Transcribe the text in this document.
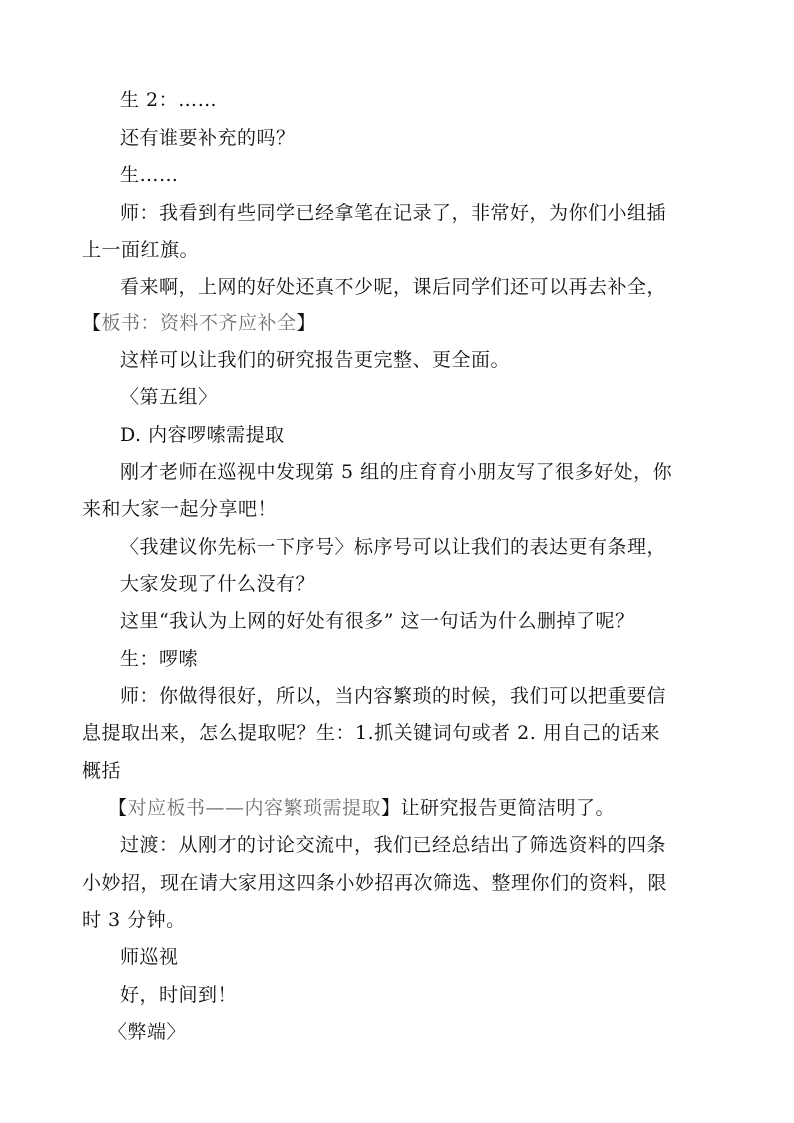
生 2：……
还有谁要补充的吗？
生……
师：我看到有些同学已经拿笔在记录了，非常好，为你们小组插
上一面红旗。
看来啊，上网的好处还真不少呢，课后同学们还可以再去补全，
【板书：资料不齐应补全】
这样可以让我们的研究报告更完整、更全面。
〈第五组〉
D. 内容啰嗦需提取
刚才老师在巡视中发现第 5 组的庄育育小朋友写了很多好处，你
来和大家一起分享吧！
〈我建议你先标一下序号〉标序号可以让我们的表达更有条理，
大家发现了什么没有？
这里“我认为上网的好处有很多” 这一句话为什么删掉了呢？
生：啰嗦
师：你做得很好，所以，当内容繁琐的时候，我们可以把重要信
息提取出来，怎么提取呢？生：1.抓关键词句或者 2. 用自己的话来
概括
【对应板书——内容繁琐需提取】让研究报告更简洁明了。
过渡：从刚才的讨论交流中，我们已经总结出了筛选资料的四条
小妙招，现在请大家用这四条小妙招再次筛选、整理你们的资料，限
时 3 分钟。
师巡视
好，时间到！
〈弊端〉
